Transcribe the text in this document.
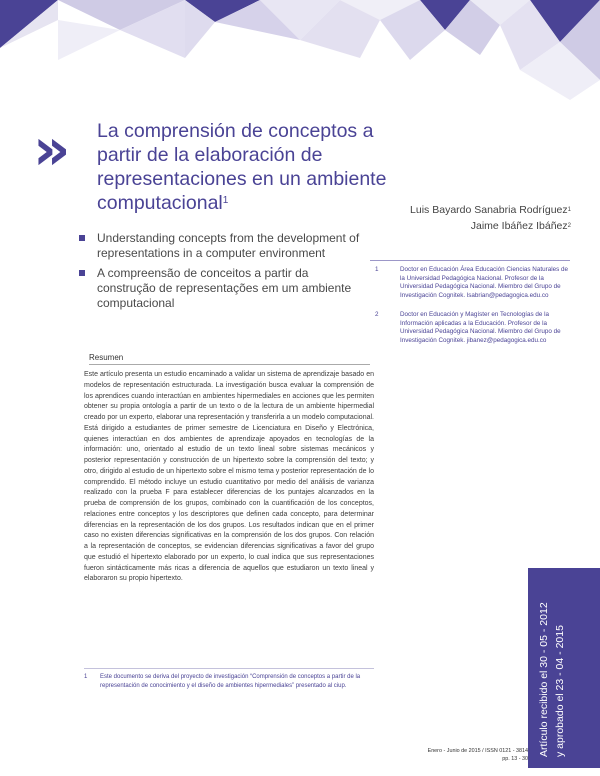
» La comprensión de conceptos a partir de la elaboración de representaciones en un ambiente computacional$^1$
Luis Bayardo Sanabria Rodríguez$^1$
Jaime Ibáñez Ibáñez$^2$
Understanding concepts from the development of representations in a computer environment
A compreensão de conceitos a partir da construção de representações em um ambiente computacional
1	Doctor en Educación Área Educación Ciencias Naturales de la Universidad Pedagógica Nacional. Profesor de la Universidad Pedagógica Nacional. Miembro del Grupo de Investigación Cognitek. lsabrian@pedagogica.edu.co
2	Doctor en Educación y Magíster en Tecnologías de la Información aplicadas a la Educación. Profesor de la Universidad Pedagógica Nacional. Miembro del Grupo de Investigación Cognitek. jibanez@pedagogica.edu.co
Resumen
Este artículo presenta un estudio encaminado a validar un sistema de aprendizaje basado en modelos de representación estructurada. La investigación busca evaluar la comprensión de los aprendices cuando interactúan en ambientes hipermediales en acciones que les permiten obtener su propia ontología a partir de un texto o de la lectura de un ambiente hipermedial creado por un experto, elaborar una representación y transferirla a un modelo computacional. Está dirigido a estudiantes de primer semestre de Licenciatura en Diseño y Electrónica, quienes interactúan en dos ambientes de aprendizaje apoyados en tecnologías de la información: uno, orientado al estudio de un texto lineal sobre sistemas mecánicos y posterior representación y construcción de un hipertexto sobre la comprensión del texto; y otro, dirigido al estudio de un hipertexto sobre el mismo tema y posterior representación de lo comprendido. El método incluye un estudio cuantitativo por medio del análisis de varianza realizado con la prueba F para establecer diferencias de los puntajes alcanzados en la prueba de comprensión de los grupos, combinado con la cuantificación de los conceptos, relaciones entre conceptos y los descriptores que definen cada concepto, para determinar diferencias en la representación de los dos grupos. Los resultados indican que en el primer caso no existen diferencias significativas en la comprensión de los dos grupos. Con relación a la representación de conceptos, se evidencian diferencias significativas a favor del grupo que estudió el hipertexto elaborado por un experto, lo cual indica que sus representaciones fueron sintácticamente más ricas a diferencia de aquellos que estudiaron un texto lineal y elaboraron su propio hipertexto.
1 Este documento se deriva del proyecto de investigación “Comprensión de conceptos a partir de la representación de conocimiento y el diseño de ambientes hipermediales” presentado al ciup.	Artículo recibido el 30 - 05 - 2012 y aprobado el 23 - 04 - 2015
Enero - Junio de 2015 / ISSN 0121 - 3814
pp. 13 - 30
